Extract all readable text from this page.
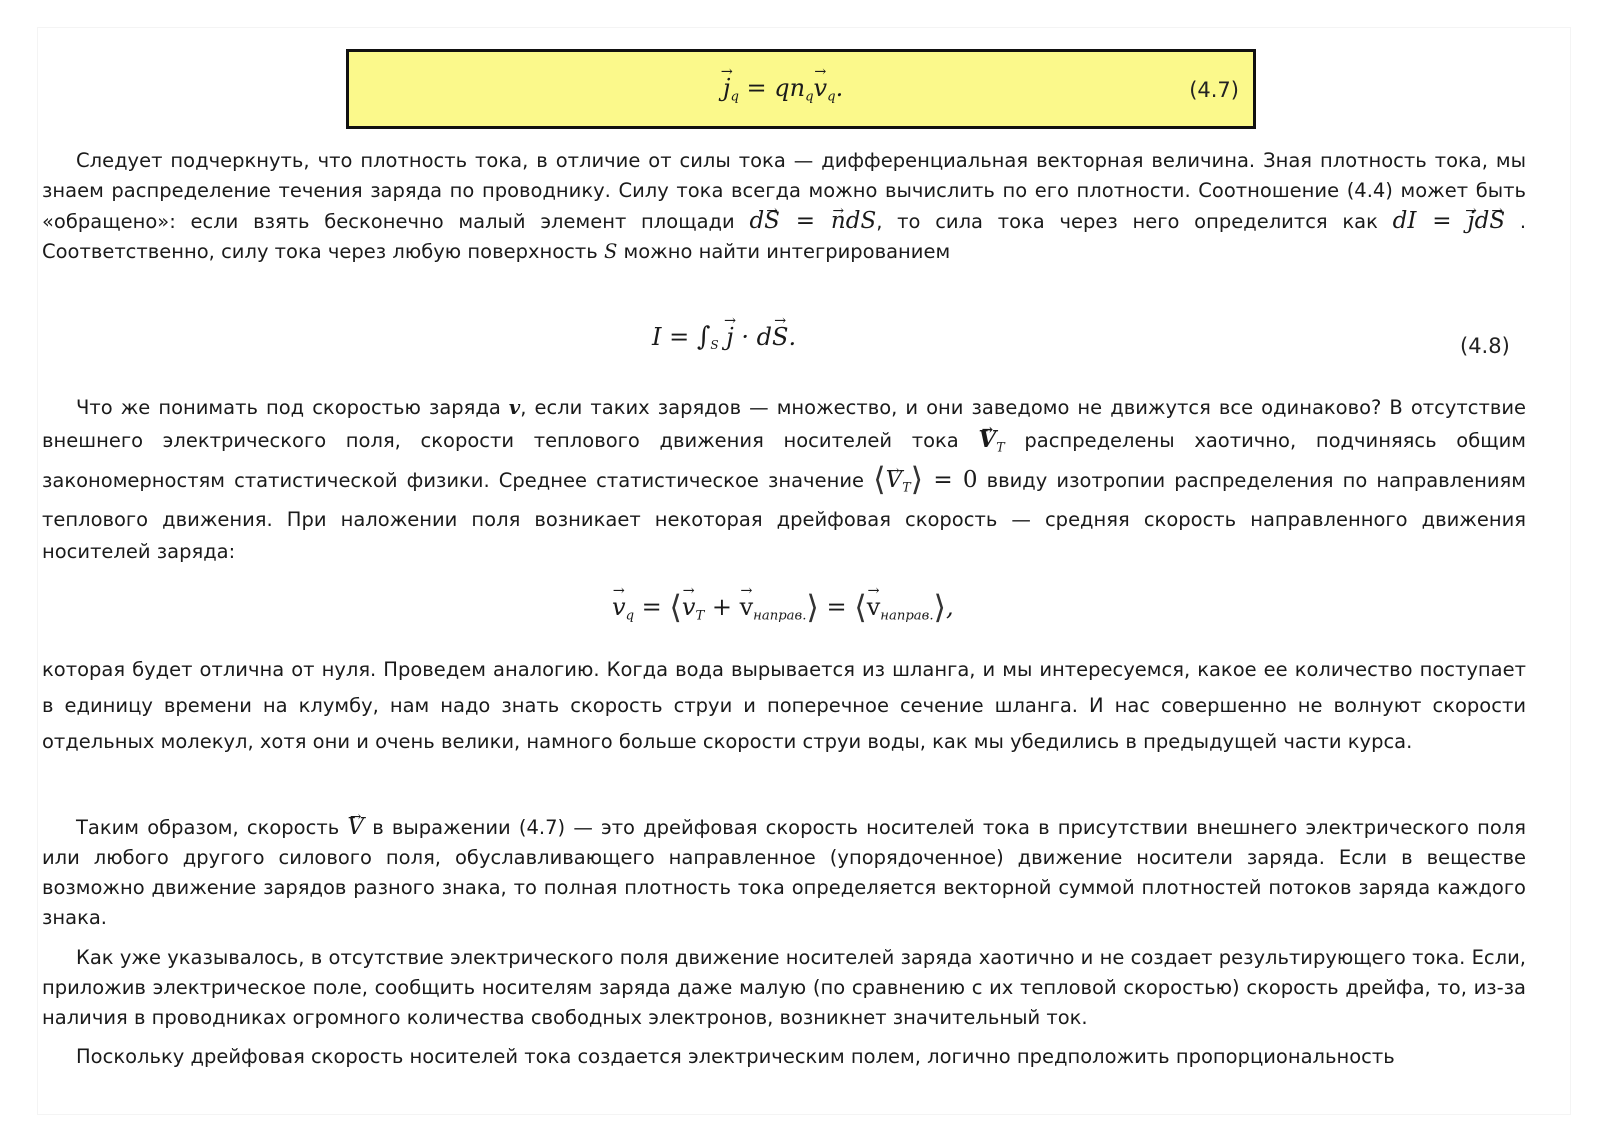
→ $j_q = qn_q\to v_q$.	(4.7)

Следует подчеркнуть, что плотность тока, в отличие от силы тока — дифференциальная векторная величина. Зная плотность тока, мы знаем распределение течения заряда по проводнику. Силу тока всегда можно вычислить по его плотности. Соотношение (4.4) может быть «обращено»: если взять бесконечно малый элемент площади d→ S = → ndS, то сила тока через него определится как dI = → jd→ S . Соответственно, силу тока через любую поверхность S можно найти интегрированием

$I = \int_S \to j \cdot d\to S$.	(4.8)

Что же понимать под скоростью заряда v, если таких зарядов — множество, и они заведомо не движутся все одинаково? В отсутствие внешнего электрического поля, скорости теплового движения носителей тока → $V_T$ распределены хаотично, подчиняясь общим закономерностям статистической физики. Среднее статистическое значение ⟨→ $V_T⟩ = 0$ ввиду изотропии распределения по направлениям теплового движения. При наложении поля возникает некоторая дрейфовая скорость — средняя скорость направленного движения носителей заряда:

→ $v_q$ = ⟨→ $v_T$ + → $v_{направ.}⟩$ = ⟨→ $v_{направ.}⟩$,

которая будет отлична от нуля. Проведем аналогию. Когда вода вырывается из шланга, и мы интересуемся, какое ее количество поступает в единицу времени на клумбу, нам надо знать скорость струи и поперечное сечение шланга. И нас совершенно не волнуют скорости отдельных молекул, хотя они и очень велики, намного больше скорости струи воды, как мы убедились в предыдущей части курса.

Таким образом, скорость → V в выражении (4.7) — это дрейфовая скорость носителей тока в присутствии внешнего электрического поля или любого другого силового поля, обуславливающего направленное (упорядоченное) движение носители заряда. Если в веществе возможно движение зарядов разного знака, то полная плотность тока определяется векторной суммой плотностей потоков заряда каждого знака.

Как уже указывалось, в отсутствие электрического поля движение носителей заряда хаотично и не создает результирующего тока. Если, приложив электрическое поле, сообщить носителям заряда даже малую (по сравнению с их тепловой скоростью) скорость дрейфа, то, из-за наличия в проводниках огромного количества свободных электронов, возникнет значительный ток.

Поскольку дрейфовая скорость носителей тока создается электрическим полем, логично предположить пропорциональность
